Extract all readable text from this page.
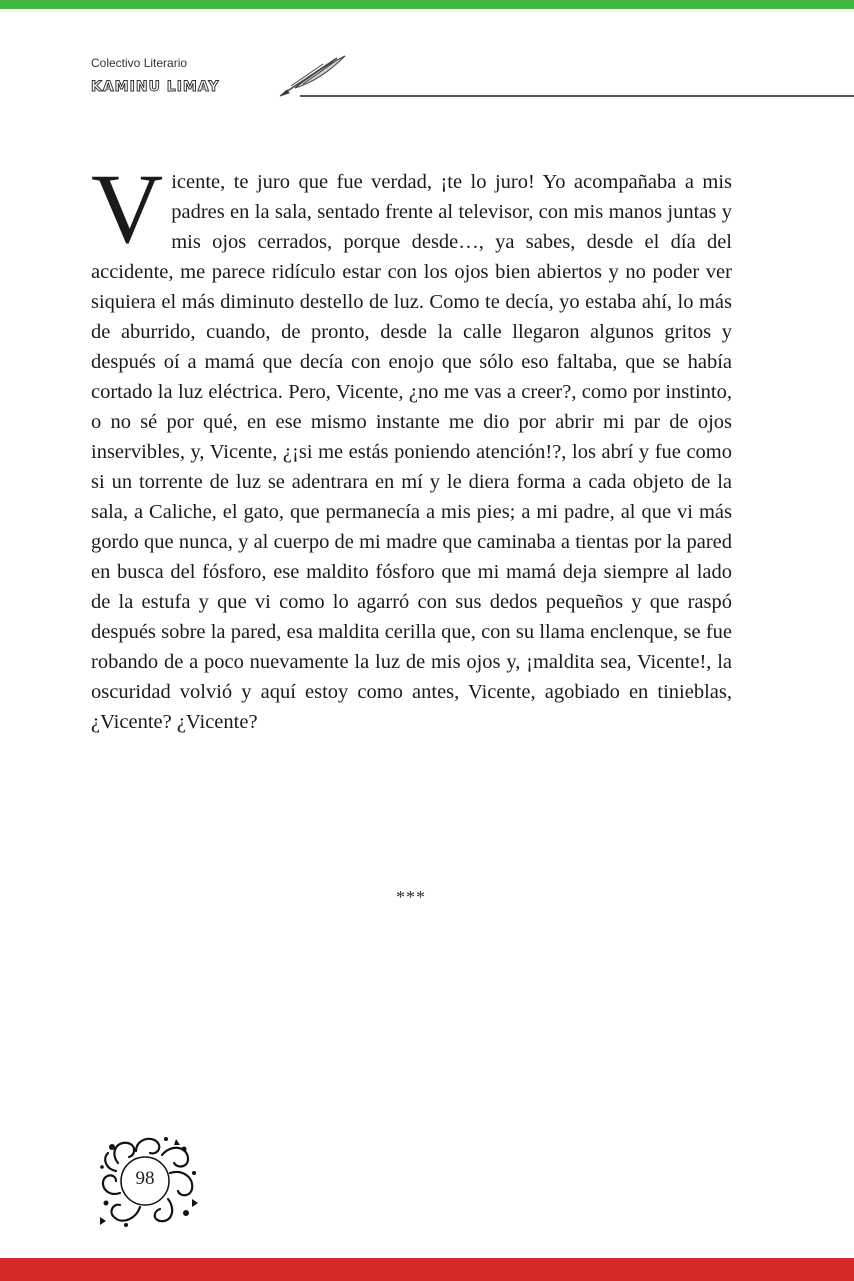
Colectivo Literario
KAMINU LIMAY

Vicente, te juro que fue verdad, ¡te lo juro! Yo acompañaba a mis padres en la sala, sentado frente al televisor, con mis manos juntas y mis ojos cerrados, porque desde…, ya sabes, desde el día del accidente, me parece ridículo estar con los ojos bien abiertos y no poder ver siquiera el más diminuto destello de luz. Como te decía, yo estaba ahí, lo más de aburrido, cuando, de pronto, desde la calle llegaron algunos gritos y después oí a mamá que decía con enojo que sólo eso faltaba, que se había cortado la luz eléctrica. Pero, Vicente, ¿no me vas a creer?, como por instinto, o no sé por qué, en ese mismo instante me dio por abrir mi par de ojos inservibles, y, Vicente, ¿¡si me estás poniendo atención!?, los abrí y fue como si un torrente de luz se adentrara en mí y le diera forma a cada objeto de la sala, a Caliche, el gato, que permanecía a mis pies; a mi padre, al que vi más gordo que nunca, y al cuerpo de mi madre que caminaba a tientas por la pared en busca del fósforo, ese maldito fósforo que mi mamá deja siempre al lado de la estufa y que vi como lo agarró con sus dedos pequeños y que raspó después sobre la pared, esa maldita cerilla que, con su llama enclenque, se fue robando de a poco nuevamente la luz de mis ojos y, ¡maldita sea, Vicente!, la oscuridad volvió y aquí estoy como antes, Vicente, agobiado en tinieblas, ¿Vicente? ¿Vicente?

***
98
